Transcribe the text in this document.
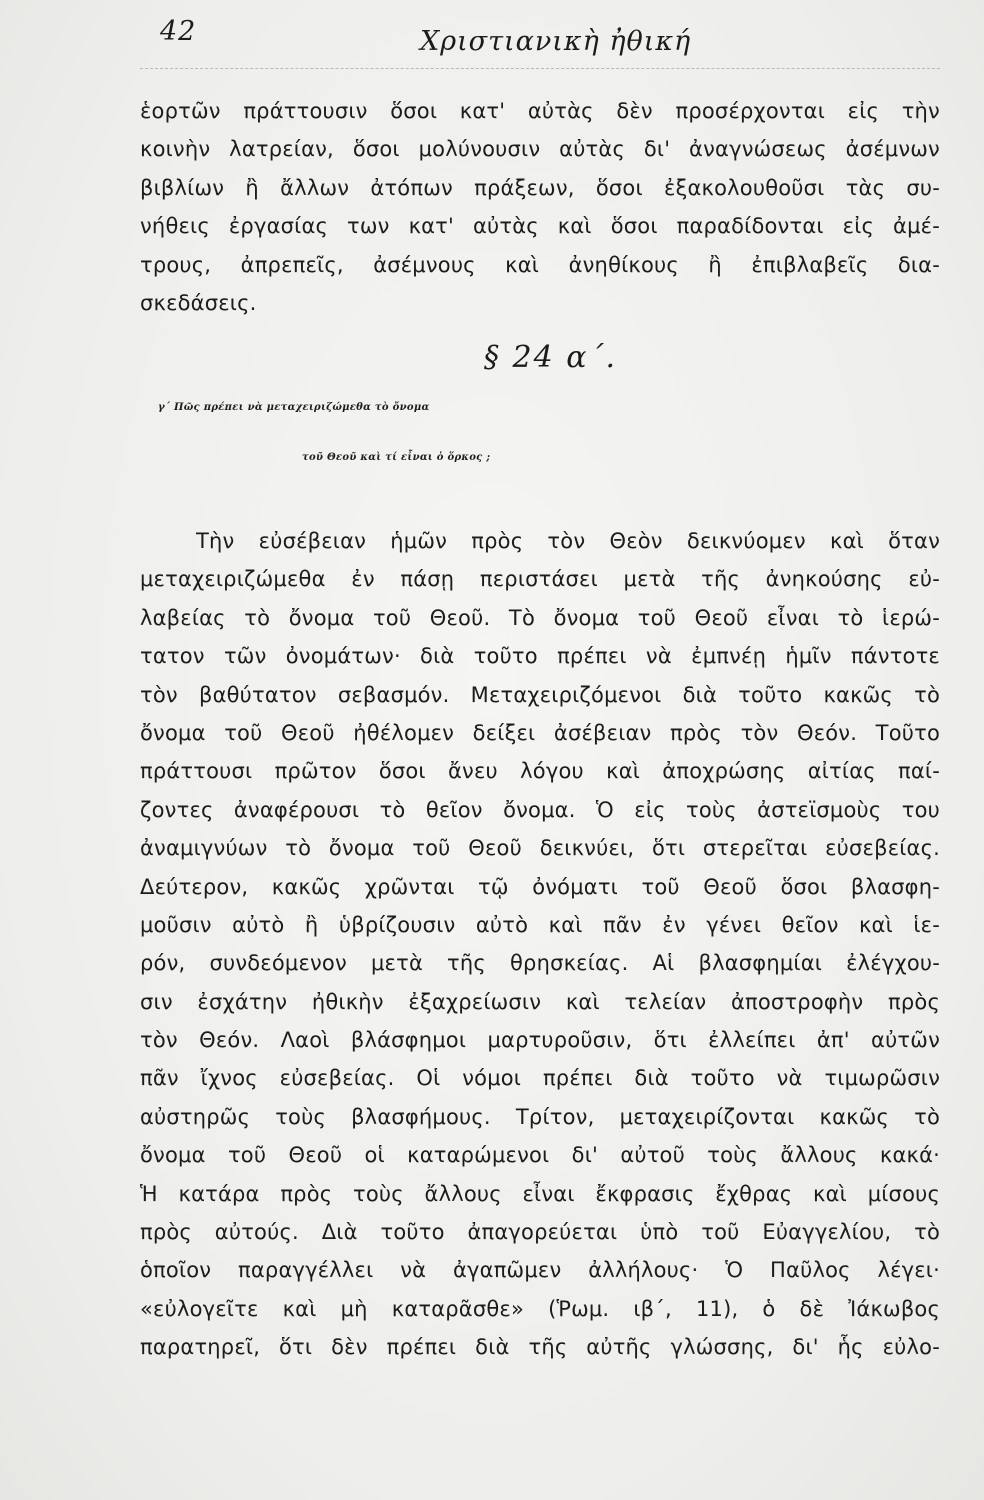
42	Χριστιανικὴ ἠθική
ἑορτῶν πράττουσιν ὅσοι κατ' αὐτὰς δὲν προσέρχονται εἰς τὴν
κοινὴν λατρείαν, ὅσοι μολύνουσιν αὐτὰς δι' ἀναγνώσεως ἀσέμνων
βιβλίων ἢ ἄλλων ἀτόπων πράξεων, ὅσοι ἐξακολουθοῦσι τὰς συ-
νήθεις ἐργασίας των κατ' αὐτὰς καὶ ὅσοι παραδίδονται εἰς ἀμέ-
τρους, ἀπρεπεῖς, ἀσέμνους καὶ ἀνηθίκους ἢ ἐπιβλαβεῖς δια-
σκεδάσεις.
§ 24 α΄.
γ΄ Πῶς πρέπει νὰ μεταχειριζώμεθα τὸ ὄνομα
τοῦ Θεοῦ καὶ τί εἶναι ὁ ὅρκος ;
Τὴν εὐσέβειαν ἡμῶν πρὸς τὸν Θεὸν δεικνύομεν καὶ ὅταν
μεταχειριζώμεθα ἐν πάσῃ περιστάσει μετὰ τῆς ἀνηκούσης εὐ-
λαβείας τὸ ὄνομα τοῦ Θεοῦ. Τὸ ὄνομα τοῦ Θεοῦ εἶναι τὸ ἱερώ-
τατον τῶν ὀνομάτων· διὰ τοῦτο πρέπει νὰ ἐμπνέῃ ἡμῖν πάντοτε
τὸν βαθύτατον σεβασμόν. Μεταχειριζόμενοι διὰ τοῦτο κακῶς τὸ
ὄνομα τοῦ Θεοῦ ἠθέλομεν δείξει ἀσέβειαν πρὸς τὸν Θεόν. Τοῦτο
πράττουσι πρῶτον ὅσοι ἄνευ λόγου καὶ ἀποχρώσης αἰτίας παί-
ζοντες ἀναφέρουσι τὸ θεῖον ὄνομα. Ὁ εἰς τοὺς ἀστεϊσμοὺς του
ἀναμιγνύων τὸ ὄνομα τοῦ Θεοῦ δεικνύει, ὅτι στερεῖται εὐσεβείας.
Δεύτερον, κακῶς χρῶνται τῷ ὀνόματι τοῦ Θεοῦ ὅσοι βλασφη-
μοῦσιν αὐτὸ ἢ ὑβρίζουσιν αὐτὸ καὶ πᾶν ἐν γένει θεῖον καὶ ἱε-
ρόν, συνδεόμενον μετὰ τῆς θρησκείας. Αἱ βλασφημίαι ἐλέγχου-
σιν ἐσχάτην ἠθικὴν ἐξαχρείωσιν καὶ τελείαν ἀποστροφὴν πρὸς
τὸν Θεόν. Λαοὶ βλάσφημοι μαρτυροῦσιν, ὅτι ἐλλείπει ἀπ' αὐτῶν
πᾶν ἴχνος εὐσεβείας. Οἱ νόμοι πρέπει διὰ τοῦτο νὰ τιμωρῶσιν
αὐστηρῶς τοὺς βλασφήμους. Τρίτον, μεταχειρίζονται κακῶς τὸ
ὄνομα τοῦ Θεοῦ οἱ καταρώμενοι δι' αὐτοῦ τοὺς ἄλλους κακά·
Ἡ κατάρα πρὸς τοὺς ἄλλους εἶναι ἔκφρασις ἔχθρας καὶ μίσους
πρὸς αὐτούς. Διὰ τοῦτο ἀπαγορεύεται ὑπὸ τοῦ Εὐαγγελίου, τὸ
ὁποῖον παραγγέλλει νὰ ἀγαπῶμεν ἀλλήλους· Ὁ Παῦλος λέγει·
«εὐλογεῖτε καὶ μὴ καταρᾶσθε» (Ῥωμ. ιβ΄, 11), ὁ δὲ Ἰάκωβος
παρατηρεῖ, ὅτι δὲν πρέπει διὰ τῆς αὐτῆς γλώσσης, δι' ἧς εὐλο-
